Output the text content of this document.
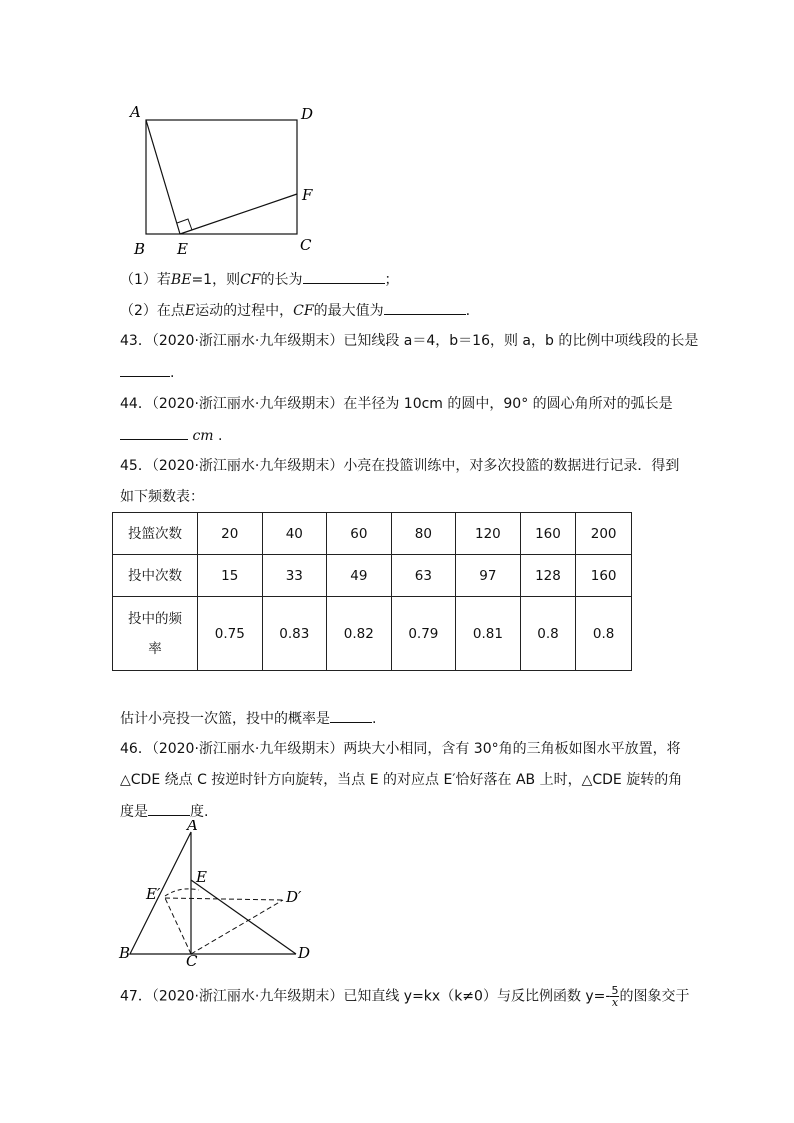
A	D
F
B E	C
（1）若BE=1，则CF的长为	；
（2）在点E运动的过程中，CF的最大值为	.
43．（2020·浙江丽水·九年级期末）已知线段 a＝4，b＝16，则 a，b 的比例中项线段的长是
.
44．（2020·浙江丽水·九年级期末）在半径为 10cm 的圆中，90° 的圆心角所对的弧长是
cm .
45．（2020·浙江丽水·九年级期末）小亮在投篮训练中，对多次投篮的数据进行记录．得到
如下频数表：
投篮次数	20	40	60	80	120	160	200
投中次数	15	33	49	63	97	128	160

投中的频
率	0.75	0.83	0.82	0.79	0.81	0.8	0.8
估计小亮投一次篮，投中的概率是	.
46．（2020·浙江丽水·九年级期末）两块大小相同，含有 30°角的三角板如图水平放置，将
△CDE 绕点 C 按逆时针方向旋转，当点 E 的对应点 E′恰好落在 AB 上时，△CDE 旋转的角
度是	度.
A
E
E′	D′
B	C	D
47．（2020·浙江丽水·九年级期末）已知直线 y=kx（k≠0）与反比例函数 $y=- \frac{5}{x}$ 的图象交于
